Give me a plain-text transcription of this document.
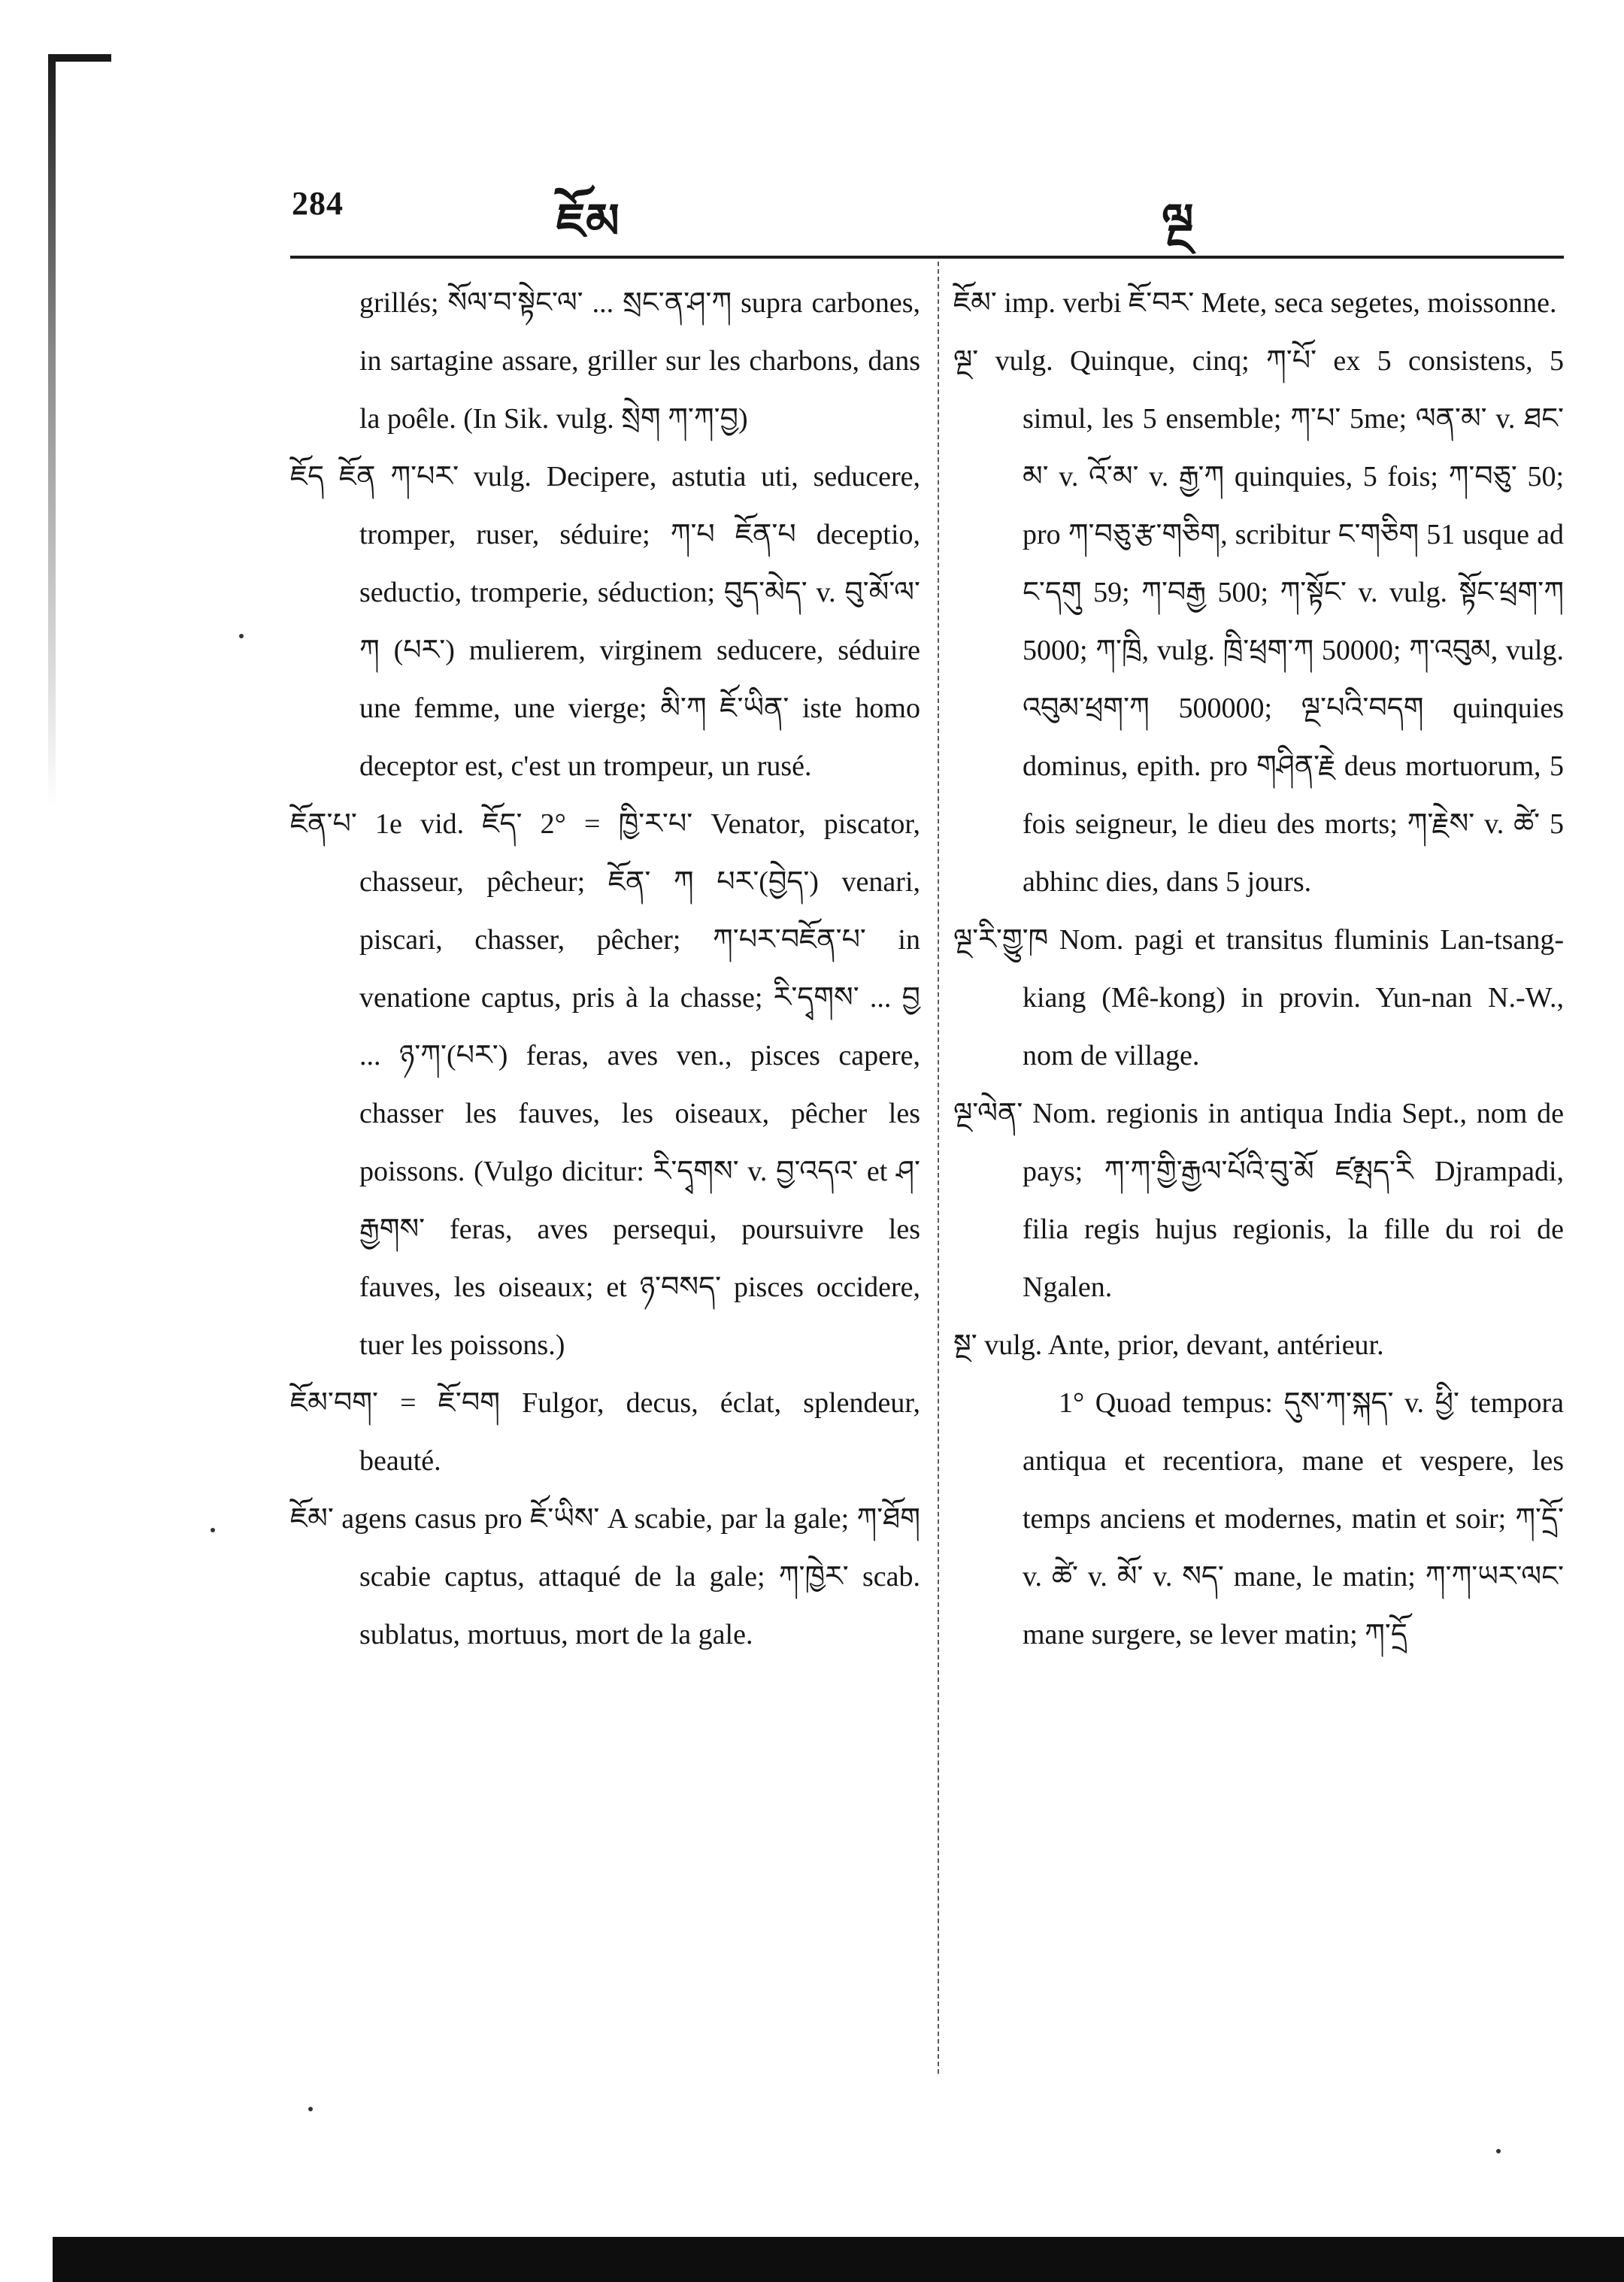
284	ཇོམ	ལྔ

grillés; སོལ་བ་སྟེང་ལ་ ... སྲང་ན་ཤ་ཀ supra carbones, in sartagine assare, griller sur les charbons, dans la poêle. (In Sik. vulg. སྲེག ཀ་ཀ་བྱ)

ཇོད ཇོན ཀ་པར་ vulg. Decipere, astutia uti, seducere, tromper, ruser, séduire; ཀ་པ ཇོན་པ deceptio, seductio, tromperie, séduction; བུད་མེད་ v. བུ་མོ་ལ་ཀ (པར་) mulierem, virginem seducere, séduire une femme, une vierge; མི་ཀ ཇོ་ཡིན་ iste homo deceptor est, c'est un trompeur, un rusé.

ཇོན་པ་ 1e vid. ཇོད་ 2° = ཁྱི་ར་པ་ Venator, piscator, chasseur, pêcheur; ཇོན་ ཀ པར་(བྱེད་) venari, piscari, chasser, pêcher; ཀ་པར་བཇོན་པ་ in venatione captus, pris à la chasse; རི་དྭགས་ ... བྱ ... ཉ་ཀ་(པར་) feras, aves ven., pisces capere, chasser les fauves, les oiseaux, pêcher les poissons. (Vulgo dicitur: རི་དྭགས་ v. བྱ་འདའ་ et ཤ་རྒྱགས་ feras, aves persequi, poursuivre les fauves, les oiseaux; et ཉ་བསད་ pisces occidere, tuer les poissons.)

ཇོམ་བག་ = ཇོ་བག Fulgor, decus, éclat, splendeur, beauté.

ཇོམ་ agens casus pro ཇོ་ཡིས་ A scabie, par la gale; ཀ་ཐོག scabie captus, attaqué de la gale; ཀ་ཁྱེར་ scab. sublatus, mortuus, mort de la gale.

ཇོམ་ imp. verbi ཇོ་བར་ Mete, seca segetes, moissonne.

ལྔ་ vulg. Quinque, cinq; ཀ་པོ་ ex 5 consistens, 5 simul, les 5 ensemble; ཀ་པ་ 5me; ལན་མ་ v. ཐང་མ་ v. འོ་མ་ v. རྒྱ་ཀ quinquies, 5 fois; ཀ་བཅུ་ 50; pro ཀ་བཅུ་རྩ་གཅིག, scribitur ང་གཅིག 51 usque ad ང་དགུ 59; ཀ་བརྒྱ 500; ཀ་སྟོང་ v. vulg. སྟོང་ཕྲག་ཀ 5000; ཀ་ཁྲི, vulg. ཁྲི་ཕྲག་ཀ 50000; ཀ་འབུམ, vulg. འབུམ་ཕྲག་ཀ 500000; ལྔ་པའི་བདག quinquies dominus, epith. pro གཤིན་རྗེ deus mortuorum, 5 fois seigneur, le dieu des morts; ཀ་རྗེས་ v. ཚེ་ 5 abhinc dies, dans 5 jours.

ལྔ་རི་གྱུ་ཁ Nom. pagi et transitus fluminis Lan-tsang-kiang (Mê-kong) in provin. Yun-nan N.-W., nom de village.

ལྔ་ལེན་ Nom. regionis in antiqua India Sept., nom de pays; ཀ་ཀ་གྱི་རྒྱལ་པོའི་བུ་མོ ཛམྤད་རི Djrampadi, filia regis hujus regionis, la fille du roi de Ngalen.

སྔ་ vulg. Ante, prior, devant, antérieur.

1° Quoad tempus: དུས་ཀ་སྐད་ v. ཕྱི་ tempora antiqua et recentiora, mane et vespere, les temps anciens et modernes, matin et soir; ཀ་དྲོ་ v. ཚེ་ v. མོ་ v. སད་ mane, le matin; ཀ་ཀ་ཡར་ལང་ mane surgere, se lever matin; ཀ་དྲོ
